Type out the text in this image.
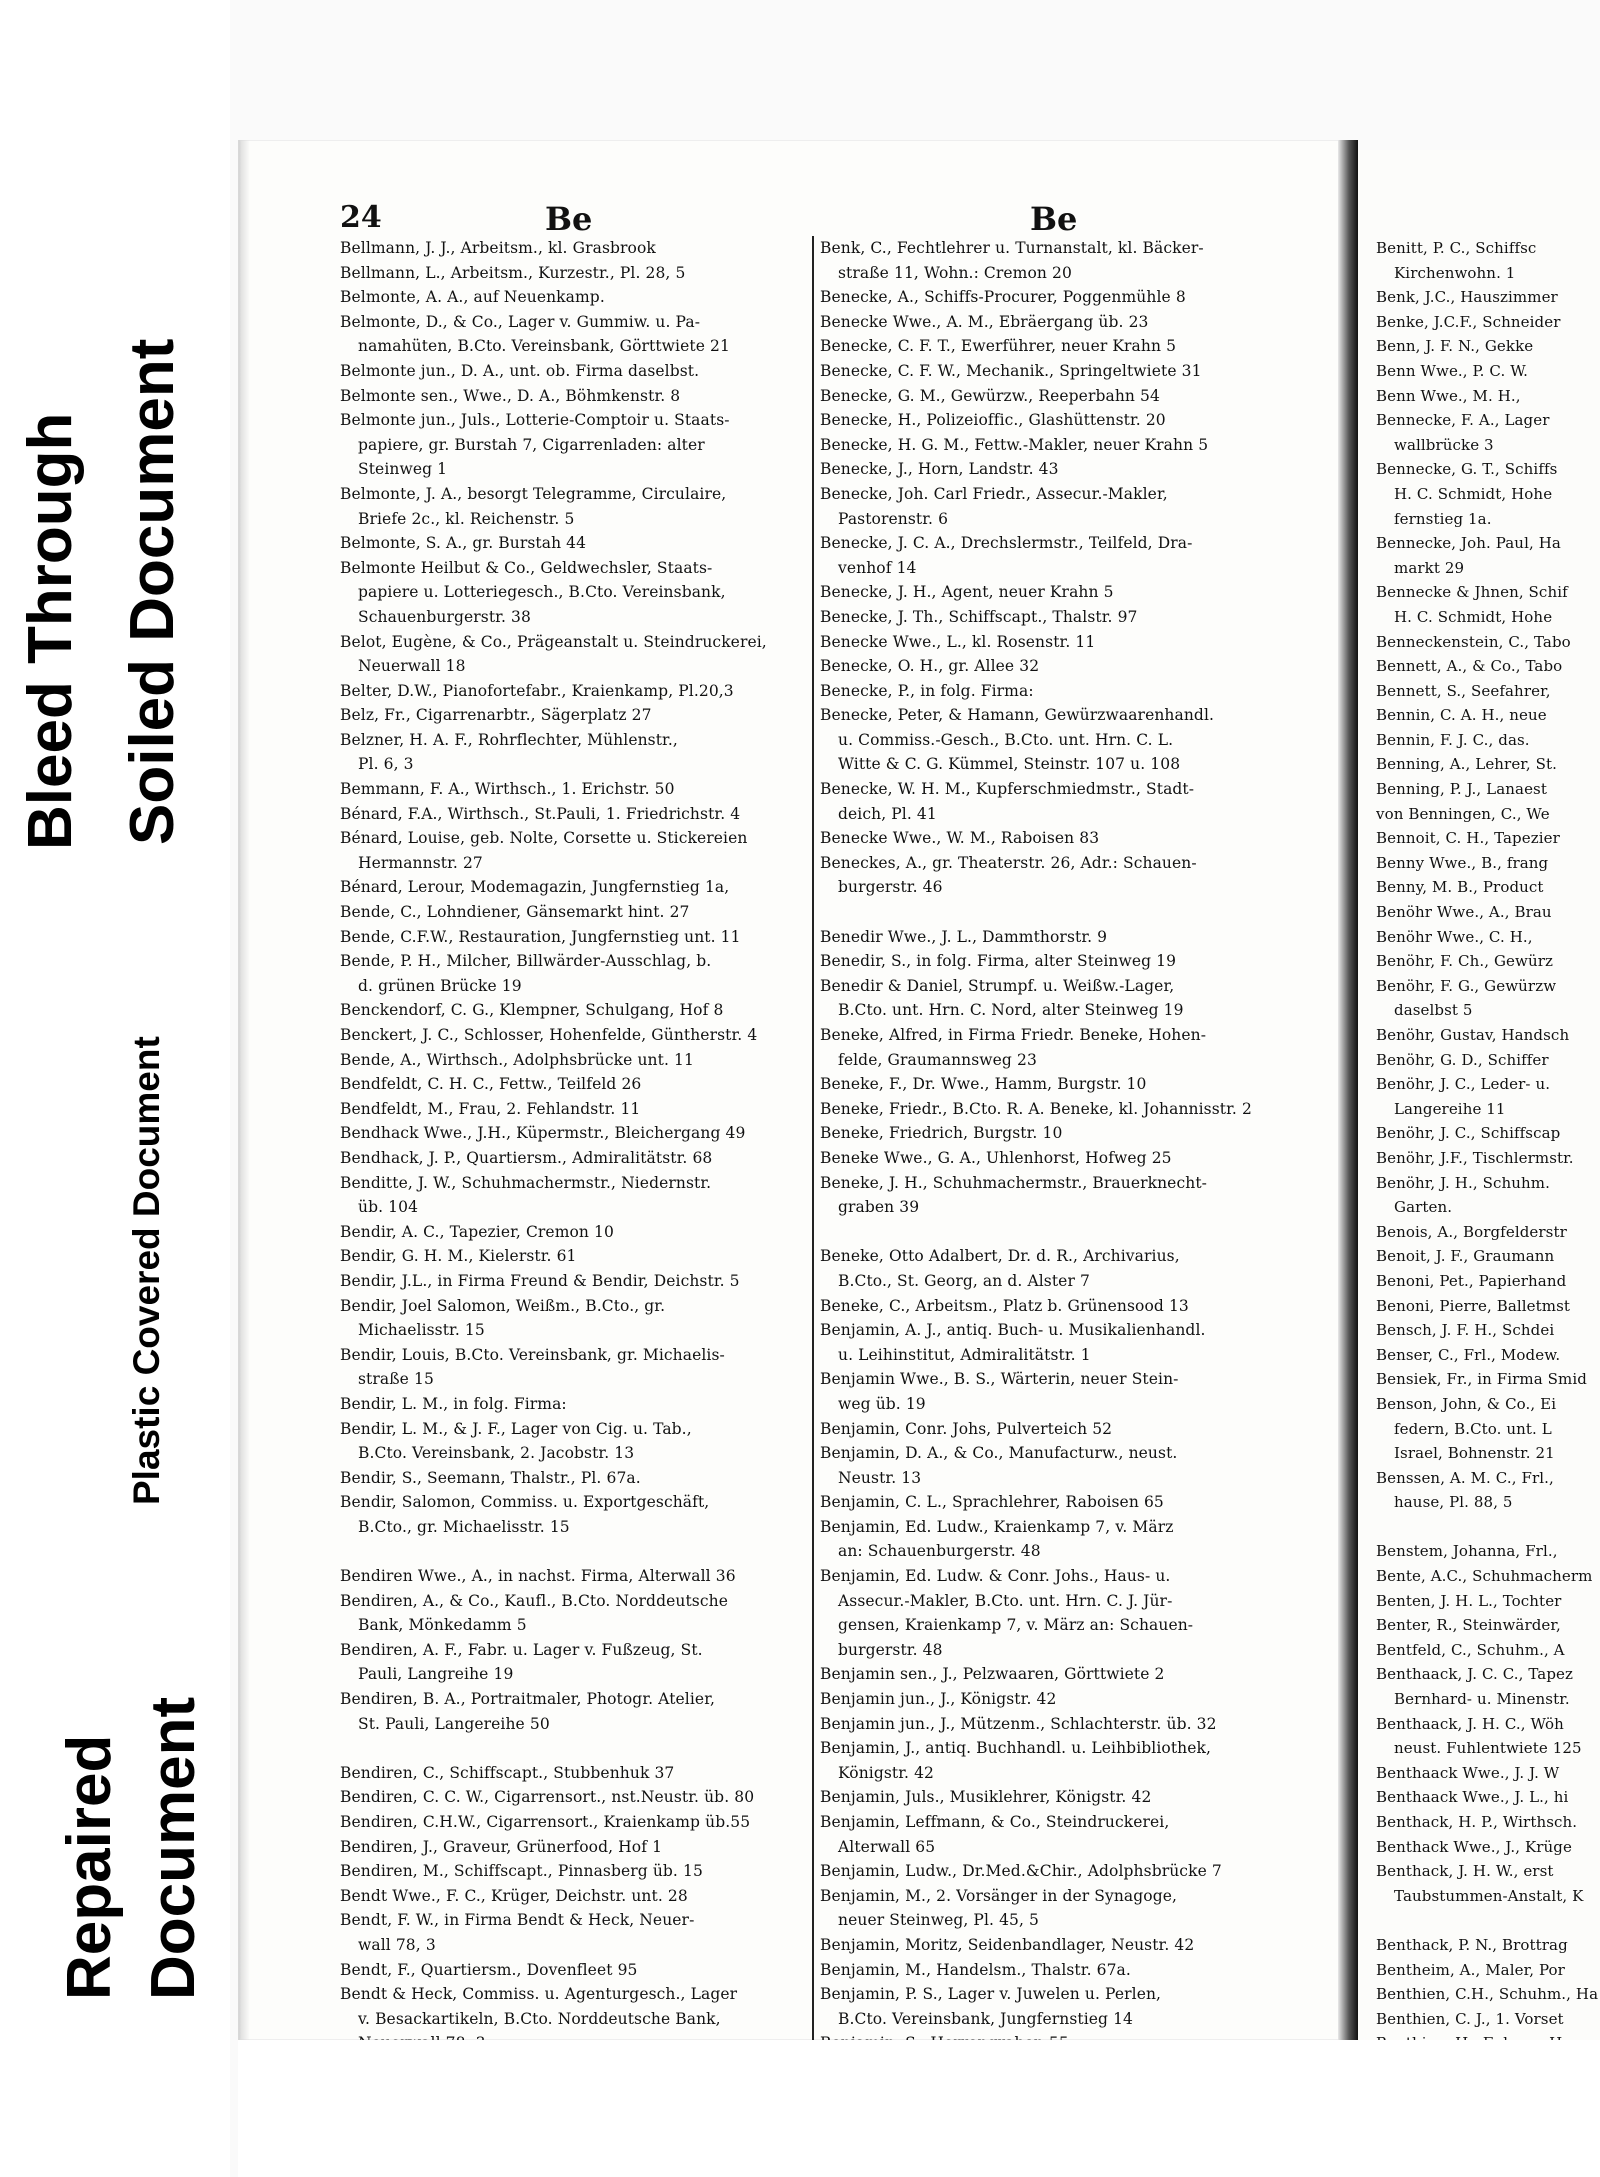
Bleed Through Soiled Document
Plastic Covered Document
Repaired Document
24	Be	Be
Bellmann, J. J., Arbeitsm., kl. Grasbrook
Bellmann, L., Arbeitsm., Kurzestr., Pl. 28, 5
Belmonte, A. A., auf Neuenkamp.
Belmonte, D., & Co., Lager v. Gummiw. u. Pa-
namahüten, B.Cto. Vereinsbank, Görttwiete 21
Belmonte jun., D. A., unt. ob. Firma daselbst.
Belmonte sen., Wwe., D. A., Böhmkenstr. 8
Belmonte jun., Juls., Lotterie-Comptoir u. Staats-
papiere, gr. Burstah 7, Cigarrenladen: alter
Steinweg 1
Belmonte, J. A., besorgt Telegramme, Circulaire,
Briefe 2c., kl. Reichenstr. 5
Belmonte, S. A., gr. Burstah 44
Belmonte Heilbut & Co., Geldwechsler, Staats-
papiere u. Lotteriegesch., B.Cto. Vereinsbank,
Schauenburgerstr. 38
Belot, Eugène, & Co., Prägeanstalt u. Steindruckerei,
Neuerwall 18
Belter, D.W., Pianofortefabr., Kraienkamp, Pl.20,3
Belz, Fr., Cigarrenarbtr., Sägerplatz 27
Belzner, H. A. F., Rohrflechter, Mühlenstr.,
Pl. 6, 3
Bemmann, F. A., Wirthsch., 1. Erichstr. 50
Bénard, F.A., Wirthsch., St.Pauli, 1. Friedrichstr. 4
Bénard, Louise, geb. Nolte, Corsette u. Stickereien
Hermannstr. 27
Bénard, Lerour, Modemagazin, Jungfernstieg 1a,
Bende, C., Lohndiener, Gänsemarkt hint. 27
Bende, C.F.W., Restauration, Jungfernstieg unt. 11
Bende, P. H., Milcher, Billwärder-Ausschlag, b.
d. grünen Brücke 19
Benckendorf, C. G., Klempner, Schulgang, Hof 8
Benckert, J. C., Schlosser, Hohenfelde, Güntherstr. 4
Bende, A., Wirthsch., Adolphsbrücke unt. 11
Bendfeldt, C. H. C., Fettw., Teilfeld 26
Bendfeldt, M., Frau, 2. Fehlandstr. 11
Bendhack Wwe., J.H., Küpermstr., Bleichergang 49
Bendhack, J. P., Quartiersm., Admiralitätstr. 68
Benditte, J. W., Schuhmachermstr., Niedernstr.
üb. 104
Bendir, A. C., Tapezier, Cremon 10
Bendir, G. H. M., Kielerstr. 61
Bendir, J.L., in Firma Freund & Bendir, Deichstr. 5
Bendir, Joel Salomon, Weißm., B.Cto., gr.
Michaelisstr. 15
Bendir, Louis, B.Cto. Vereinsbank, gr. Michaelis-
straße 15
Bendir, L. M., in folg. Firma:
Bendir, L. M., & J. F., Lager von Cig. u. Tab.,
B.Cto. Vereinsbank, 2. Jacobstr. 13
Bendir, S., Seemann, Thalstr., Pl. 67a.
Bendir, Salomon, Commiss. u. Exportgeschäft,
B.Cto., gr. Michaelisstr. 15
Bendiren Wwe., A., in nachst. Firma, Alterwall 36
Bendiren, A., & Co., Kaufl., B.Cto. Norddeutsche
Bank, Mönkedamm 5
Bendiren, A. F., Fabr. u. Lager v. Fußzeug, St.
Pauli, Langreihe 19
Bendiren, B. A., Portraitmaler, Photogr. Atelier,
St. Pauli, Langereihe 50
Bendiren, C., Schiffscapt., Stubbenhuk 37
Bendiren, C. C. W., Cigarrensort., nst.Neustr. üb. 80
Bendiren, C.H.W., Cigarrensort., Kraienkamp üb.55
Bendiren, J., Graveur, Grünerfood, Hof 1
Bendiren, M., Schiffscapt., Pinnasberg üb. 15
Bendt Wwe., F. C., Krüger, Deichstr. unt. 28
Bendt, F. W., in Firma Bendt & Heck, Neuer-
wall 78, 3
Bendt, F., Quartiersm., Dovenfleet 95
Bendt & Heck, Commiss. u. Agenturgesch., Lager
v. Besackartikeln, B.Cto. Norddeutsche Bank,
Benk, C., Fechtlehrer u. Turnanstalt, kl. Bäcker-
straße 11, Wohn.: Cremon 20
Benecke, A., Schiffs-Procurer, Poggenmühle 8
Benecke Wwe., A. M., Ebräergang üb. 23
Benecke, C. F. T., Ewerführer, neuer Krahn 5
Benecke, C. F. W., Mechanik., Springeltwiete 31
Benecke, G. M., Gewürzw., Reeperbahn 54
Benecke, H., Polizeioffic., Glashüttenstr. 20
Benecke, H. G. M., Fettw.-Makler, neuer Krahn 5
Benecke, J., Horn, Landstr. 43
Benecke, Joh. Carl Friedr., Assecur.-Makler,
Pastorenstr. 6
Benecke, J. C. A., Drechslermstr., Teilfeld, Dra-
venhof 14
Benecke, J. H., Agent, neuer Krahn 5
Benecke, J. Th., Schiffscapt., Thalstr. 97
Benecke Wwe., L., kl. Rosenstr. 11
Benecke, O. H., gr. Allee 32
Benecke, P., in folg. Firma:
Benecke, Peter, & Hamann, Gewürzwaarenhandl.
u. Commiss.-Gesch., B.Cto. unt. Hrn. C. L.
Witte & C. G. Kümmel, Steinstr. 107 u. 108
Benecke, W. H. M., Kupferschmiedmstr., Stadt-
deich, Pl. 41
Benecke Wwe., W. M., Raboisen 83
Beneckes, A., gr. Theaterstr. 26, Adr.: Schauen-
burgerstr. 46
Benedir Wwe., J. L., Dammthorstr. 9
Benedir, S., in folg. Firma, alter Steinweg 19
Benedir & Daniel, Strumpf. u. Weißw.-Lager,
B.Cto. unt. Hrn. C. Nord, alter Steinweg 19
Beneke, Alfred, in Firma Friedr. Beneke, Hohen-
felde, Graumannsweg 23
Beneke, F., Dr. Wwe., Hamm, Burgstr. 10
Beneke, Friedr., B.Cto. R. A. Beneke, kl. Johannisstr. 2
Beneke, Friedrich, Burgstr. 10
Beneke Wwe., G. A., Uhlenhorst, Hofweg 25
Beneke, J. H., Schuhmachermstr., Brauerknecht-
graben 39
Beneke, Otto Adalbert, Dr. d. R., Archivarius,
B.Cto., St. Georg, an d. Alster 7
Beneke, C., Arbeitsm., Platz b. Grünensood 13
Benjamin, A. J., antiq. Buch- u. Musikalienhandl.
u. Leihinstitut, Admiralitätstr. 1
Benjamin Wwe., B. S., Wärterin, neuer Stein-
weg üb. 19
Benjamin, Conr. Johs, Pulverteich 52
Benjamin, D. A., & Co., Manufacturw., neust.
Neustr. 13
Benjamin, C. L., Sprachlehrer, Raboisen 65
Benjamin, Ed. Ludw., Kraienkamp 7, v. März
an: Schauenburgerstr. 48
Benjamin, Ed. Ludw. & Conr. Johs., Haus- u.
Assecur.-Makler, B.Cto. unt. Hrn. C. J. Jür-
gensen, Kraienkamp 7, v. März an: Schauen-
burgerstr. 48
Benjamin sen., J., Pelzwaaren, Görttwiete 2
Benjamin jun., J., Königstr. 42
Benjamin jun., J., Mützenm., Schlachterstr. üb. 32
Benjamin, J., antiq. Buchhandl. u. Leihbibliothek,
Königstr. 42
Benjamin, Juls., Musiklehrer, Königstr. 42
Benjamin, Leffmann, & Co., Steindruckerei,
Alterwall 65
Benjamin, Ludw., Dr.Med.&Chir., Adolphsbrücke 7
Benjamin, M., 2. Vorsänger in der Synagoge,
neuer Steinweg, Pl. 45, 5
Benjamin, Moritz, Seidenbandlager, Neustr. 42
Benjamin, M., Handelsm., Thalstr. 67a.
Benjamin, P. S., Lager v. Juwelen u. Perlen,
B.Cto. Vereinsbank, Jungfernstieg 14
Benitt, P. C., Schiffsc
Kirchenwohn. 1
Benk, J.C., Hauszimmer
Benke, J.C.F., Schneider
Benn, J. F. N., Gekke
Benn Wwe., P. C. W.
Benn Wwe., M. H.,
Bennecke, F. A., Lager
wallbrücke 3
Bennecke, G. T., Schiffs
H. C. Schmidt, Hohe
fernstieg 1a.
Bennecke, Joh. Paul, Ha
markt 29
Bennecke & Jhnen, Schif
H. C. Schmidt, Hohe
Benneckenstein, C., Tabo
Bennett, A., & Co., Tabo
Bennett, S., Seefahrer,
Bennin, C. A. H., neue
Bennin, F. J. C., das.
Benning, A., Lehrer, St.
Benning, P. J., Lanaest
von Benningen, C., We
Bennoit, C. H., Tapezier
Benny Wwe., B., frang
Benny, M. B., Product
Benöhr Wwe., A., Brau
Benöhr Wwe., C. H.,
Benöhr, F. Ch., Gewürz
Benöhr, F. G., Gewürzw
daselbst 5
Benöhr, Gustav, Handsch
Benöhr, G. D., Schiffer
Benöhr, J. C., Leder- u.
Langereihe 11
Benöhr, J. C., Schiffscap
Benöhr, J.F., Tischlermstr.
Benöhr, J. H., Schuhm.
Garten.
Benois, A., Borgfelderstr
Benoit, J. F., Graumann
Benoni, Pet., Papierhand
Benoni, Pierre, Balletmst
Bensch, J. F. H., Schdei
Benser, C., Frl., Modew.
Bensiek, Fr., in Firma Smid
Benson, John, & Co., Ei
federn, B.Cto. unt. L
Israel, Bohnenstr. 21
Benssen, A. M. C., Frl.,
hause, Pl. 88, 5
Benstem, Johanna, Frl.,
Bente, A.C., Schuhmacherm
Benten, J. H. L., Tochter
Benter, R., Steinwärder,
Bentfeld, C., Schuhm., A
Benthaack, J. C. C., Tapez
Bernhard- u. Minenstr.
Benthaack, J. H. C., Wöh
neust. Fuhlentwiete 125
Benthaack Wwe., J. J. W
Benthaack Wwe., J. L., hi
Benthack, H. P., Wirthsch.
Benthack Wwe., J., Krüge
Benthack, J. H. W., erst
Taubstummen-Anstalt, K
Benthack, P. N., Brottrag
Bentheim, A., Maler, Por
Benthien, C.H., Schuhm., Ha
Benthien, C. J., 1. Vorset
